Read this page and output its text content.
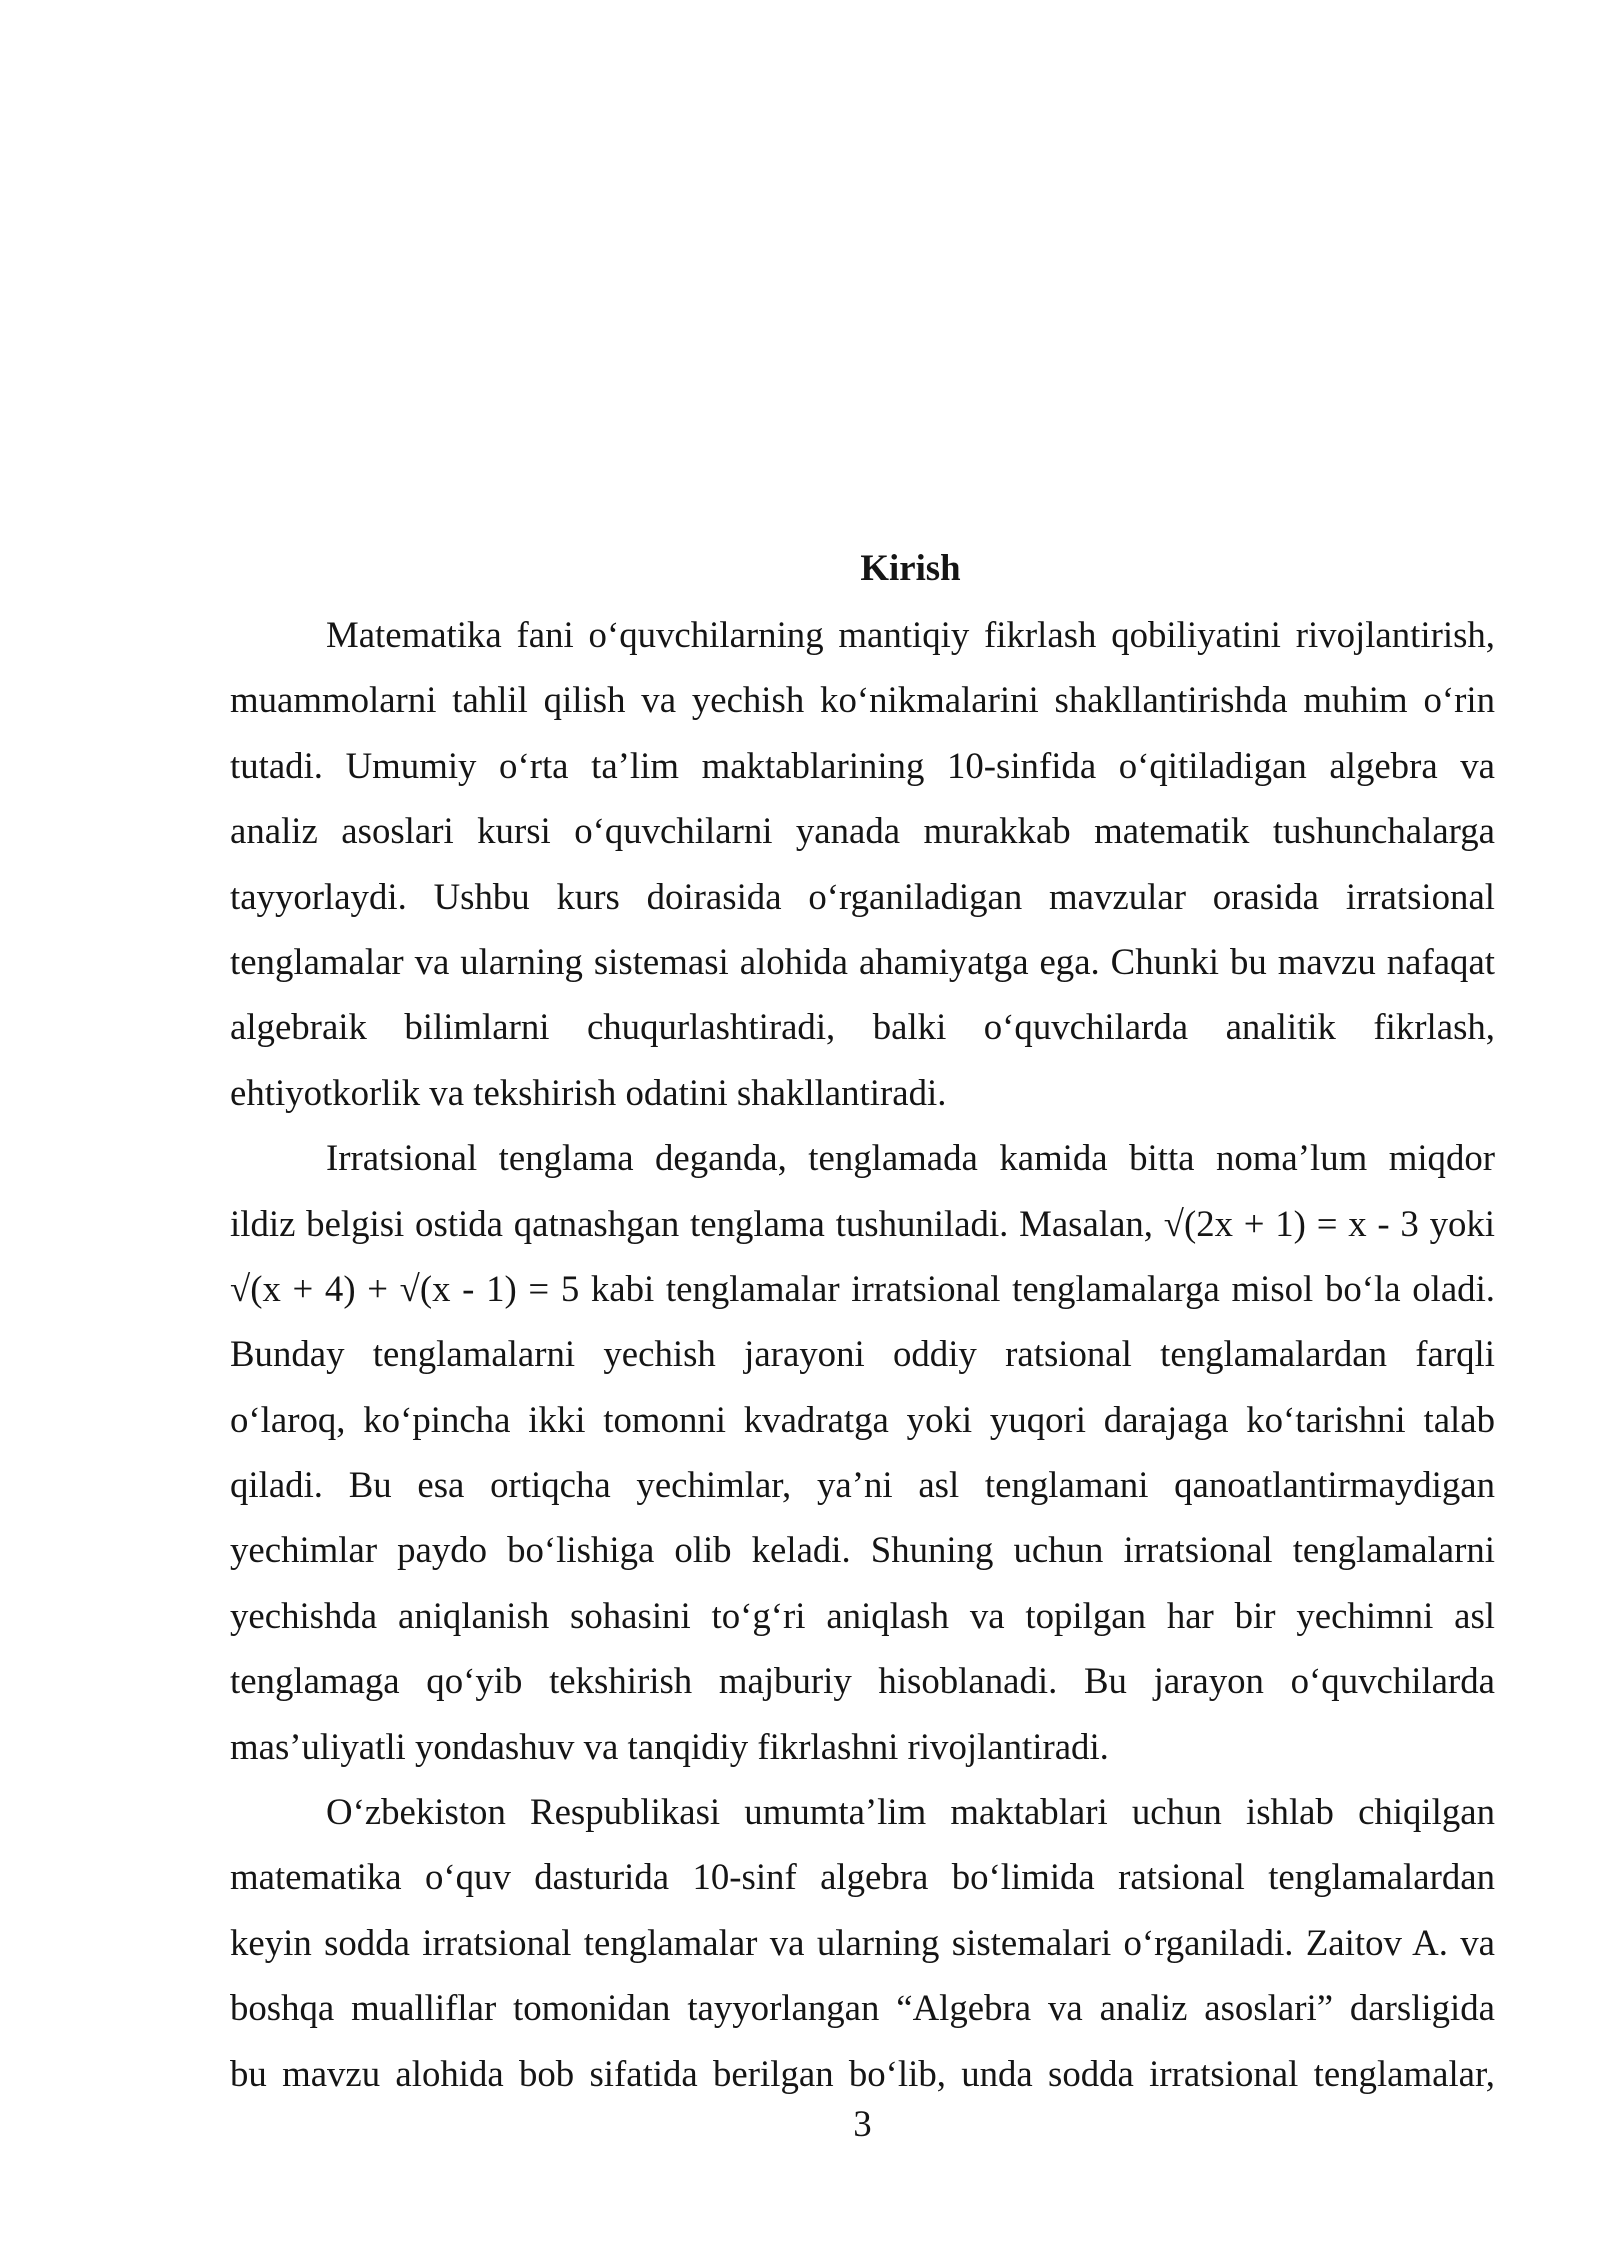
Kirish
Matematika fani o‘quvchilarning mantiqiy fikrlash qobiliyatini rivojlantirish,
muammolarni tahlil qilish va yechish ko‘nikmalarini shakllantirishda muhim o‘rin
tutadi. Umumiy o‘rta ta’lim maktablarining 10-sinfida o‘qitiladigan algebra va
analiz asoslari kursi o‘quvchilarni yanada murakkab matematik tushunchalarga
tayyorlaydi. Ushbu kurs doirasida o‘rganiladigan mavzular orasida irratsional
tenglamalar va ularning sistemasi alohida ahamiyatga ega. Chunki bu mavzu nafaqat
algebraik bilimlarni chuqurlashtiradi, balki o‘quvchilarda analitik fikrlash,
ehtiyotkorlik va tekshirish odatini shakllantiradi.
Irratsional tenglama deganda, tenglamada kamida bitta noma’lum miqdor
ildiz belgisi ostida qatnashgan tenglama tushuniladi. Masalan, √(2x + 1) = x - 3 yoki
√(x + 4) + √(x - 1) = 5 kabi tenglamalar irratsional tenglamalarga misol bo‘la oladi.
Bunday tenglamalarni yechish jarayoni oddiy ratsional tenglamalardan farqli
o‘laroq, ko‘pincha ikki tomonni kvadratga yoki yuqori darajaga ko‘tarishni talab
qiladi. Bu esa ortiqcha yechimlar, ya’ni asl tenglamani qanoatlantirmaydigan
yechimlar paydo bo‘lishiga olib keladi. Shuning uchun irratsional tenglamalarni
yechishda aniqlanish sohasini to‘g‘ri aniqlash va topilgan har bir yechimni asl
tenglamaga qo‘yib tekshirish majburiy hisoblanadi. Bu jarayon o‘quvchilarda
mas’uliyatli yondashuv va tanqidiy fikrlashni rivojlantiradi.
O‘zbekiston Respublikasi umumta’lim maktablari uchun ishlab chiqilgan
matematika o‘quv dasturida 10-sinf algebra bo‘limida ratsional tenglamalardan
keyin sodda irratsional tenglamalar va ularning sistemalari o‘rganiladi. Zaitov A. va
boshqa mualliflar tomonidan tayyorlangan “Algebra va analiz asoslari” darsligida
bu mavzu alohida bob sifatida berilgan bo‘lib, unda sodda irratsional tenglamalar,
3
